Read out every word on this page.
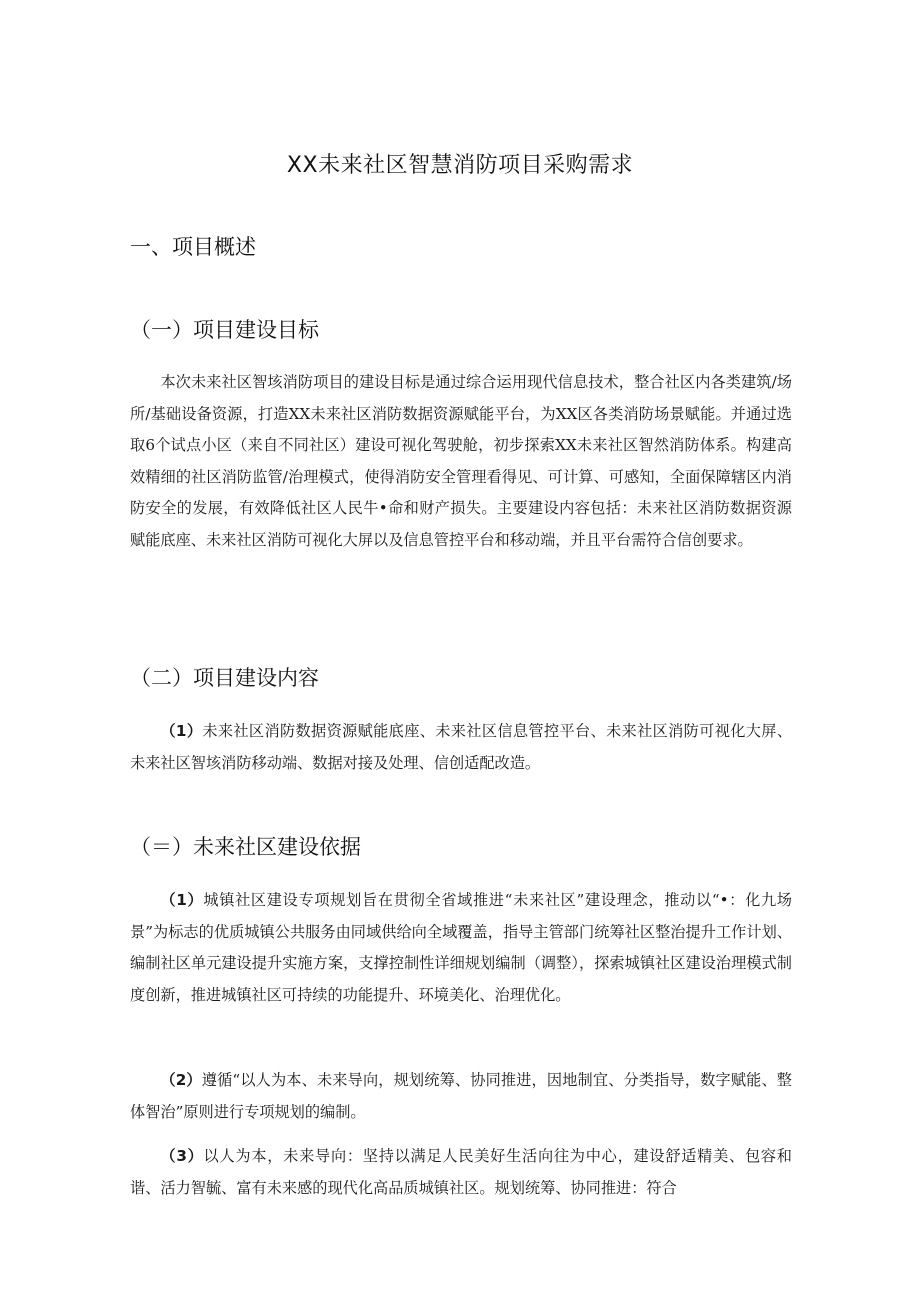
XX未来社区智慧消防项目采购需求
一、项目概述
（一）项目建设目标

本次未来社区智垓消防项目的建设目标是通过综合运用现代信息技术，整合社区内各类建筑/场所/基础设备资源，打造XX未来社区消防数据资源赋能平台，为XX区各类消防场景赋能。并通过选取6个试点小区（来自不同社区）建设可视化驾驶舱，初步探索XX未来社区智然消防体系。构建高效精细的社区消防监管/治理模式，使得消防安全管理看得见、可计算、可感知，全面保障辖区内消防安全的发展，有效降低社区人民牛•命和财产损失。主要建设内容包括：未来社区消防数据资源赋能底座、未来社区消防可视化大屏以及信息管控平台和移动端，并且平台需符合信创要求。

（二）项目建设内容

（1）未来社区消防数据资源赋能底座、未来社区信息管控平台、未来社区消防可视化大屏、未来社区智垓消防移动端、数据对接及处理、信创适配改造。

（＝）未来社区建设依据

（1）城镇社区建设专项规划旨在贯彻全省域推进“未来社区”建设理念，推动以“•：化九场景”为标志的优质城镇公共服务由同域供给向全域覆盖，指导主管部门统筹社区整治提升工作计划、编制社区单元建设提升实施方案，支撑控制性详细规划编制（调整），探索城镇社区建设治理模式制度创新，推进城镇社区可持续的功能提升、环境美化、治理优化。

（2）遵循“以人为本、未来导向，规划统筹、协同推进，因地制宜、分类指导，数字赋能、整体智治”原则进行专项规划的编制。

（3）以人为本，未来导向：坚持以满足人民美好生活向往为中心，建设舒适精美、包容和谐、活力智毓、富有未来感的现代化高品质城镇社区。规划统筹、协同推进：符合
